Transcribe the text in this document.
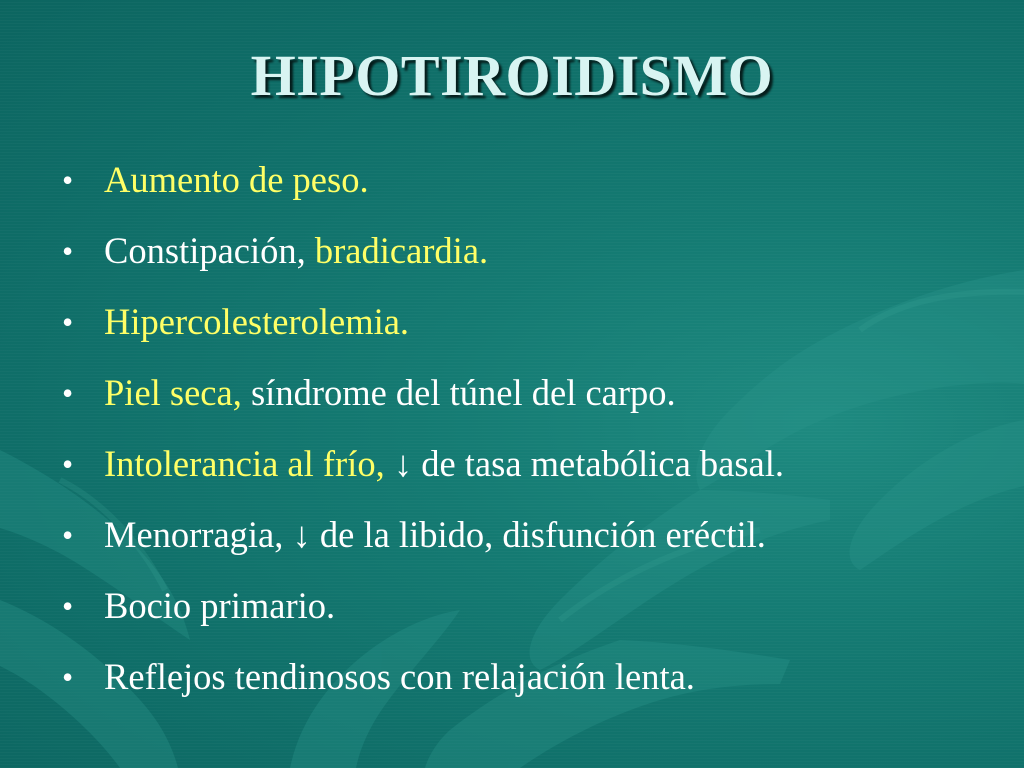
HIPOTIROIDISMO
• Aumento de peso.
• Constipación, bradicardia.
• Hipercolesterolemia.
• Piel seca, síndrome del túnel del carpo.
• Intolerancia al frío, ↓ de tasa metabólica basal.
• Menorragia, ↓ de la libido, disfunción eréctil.
• Bocio primario.
• Reflejos tendinosos con relajación lenta.
